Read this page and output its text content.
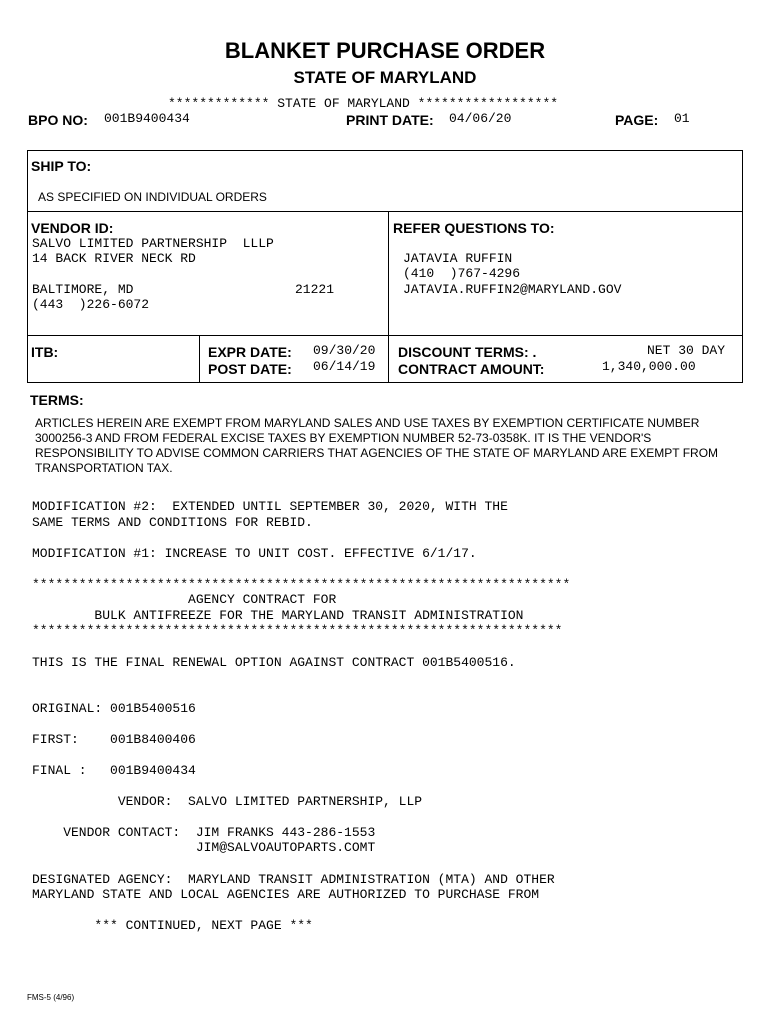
BLANKET PURCHASE ORDER
STATE OF MARYLAND
************* STATE OF MARYLAND ******************
BPO NO: 001B9400434	PRINT DATE: 04/06/20	PAGE: 01
SHIP TO:
AS SPECIFIED ON INDIVIDUAL ORDERS
VENDOR ID:
SALVO LIMITED PARTNERSHIP  LLLP
14 BACK RIVER NECK RD
BALTIMORE, MD	21221
(443  )226-6072
REFER QUESTIONS TO:
JATAVIA RUFFIN
(410  )767-4296
JATAVIA.RUFFIN2@MARYLAND.GOV
ITB:	EXPR DATE: 09/30/20
POST DATE: 06/14/19
DISCOUNT TERMS: .	NET 30 DAY
CONTRACT AMOUNT:	1,340,000.00
TERMS:
ARTICLES HEREIN ARE EXEMPT FROM MARYLAND SALES AND USE TAXES BY EXEMPTION CERTIFICATE NUMBER 3000256-3 AND FROM FEDERAL EXCISE TAXES BY EXEMPTION NUMBER 52-73-0358K. IT IS THE VENDOR'S RESPONSIBILITY TO ADVISE COMMON CARRIERS THAT AGENCIES OF THE STATE OF MARYLAND ARE EXEMPT FROM TRANSPORTATION TAX.
MODIFICATION #2:  EXTENDED UNTIL SEPTEMBER 30, 2020, WITH THE
SAME TERMS AND CONDITIONS FOR REBID.
MODIFICATION #1: INCREASE TO UNIT COST. EFFECTIVE 6/1/17.
*********************************************************************
AGENCY CONTRACT FOR
BULK ANTIFREEZE FOR THE MARYLAND TRANSIT ADMINISTRATION
********************************************************************
THIS IS THE FINAL RENEWAL OPTION AGAINST CONTRACT 001B5400516.
ORIGINAL: 001B5400516
FIRST:    001B8400406
FINAL :   001B9400434
VENDOR:  SALVO LIMITED PARTNERSHIP, LLP
VENDOR CONTACT:  JIM FRANKS 443-286-1553
JIM@SALVOAUTOPARTS.COMT
DESIGNATED AGENCY:  MARYLAND TRANSIT ADMINISTRATION (MTA) AND OTHER
MARYLAND STATE AND LOCAL AGENCIES ARE AUTHORIZED TO PURCHASE FROM
*** CONTINUED, NEXT PAGE ***
FMS-5 (4/96)
